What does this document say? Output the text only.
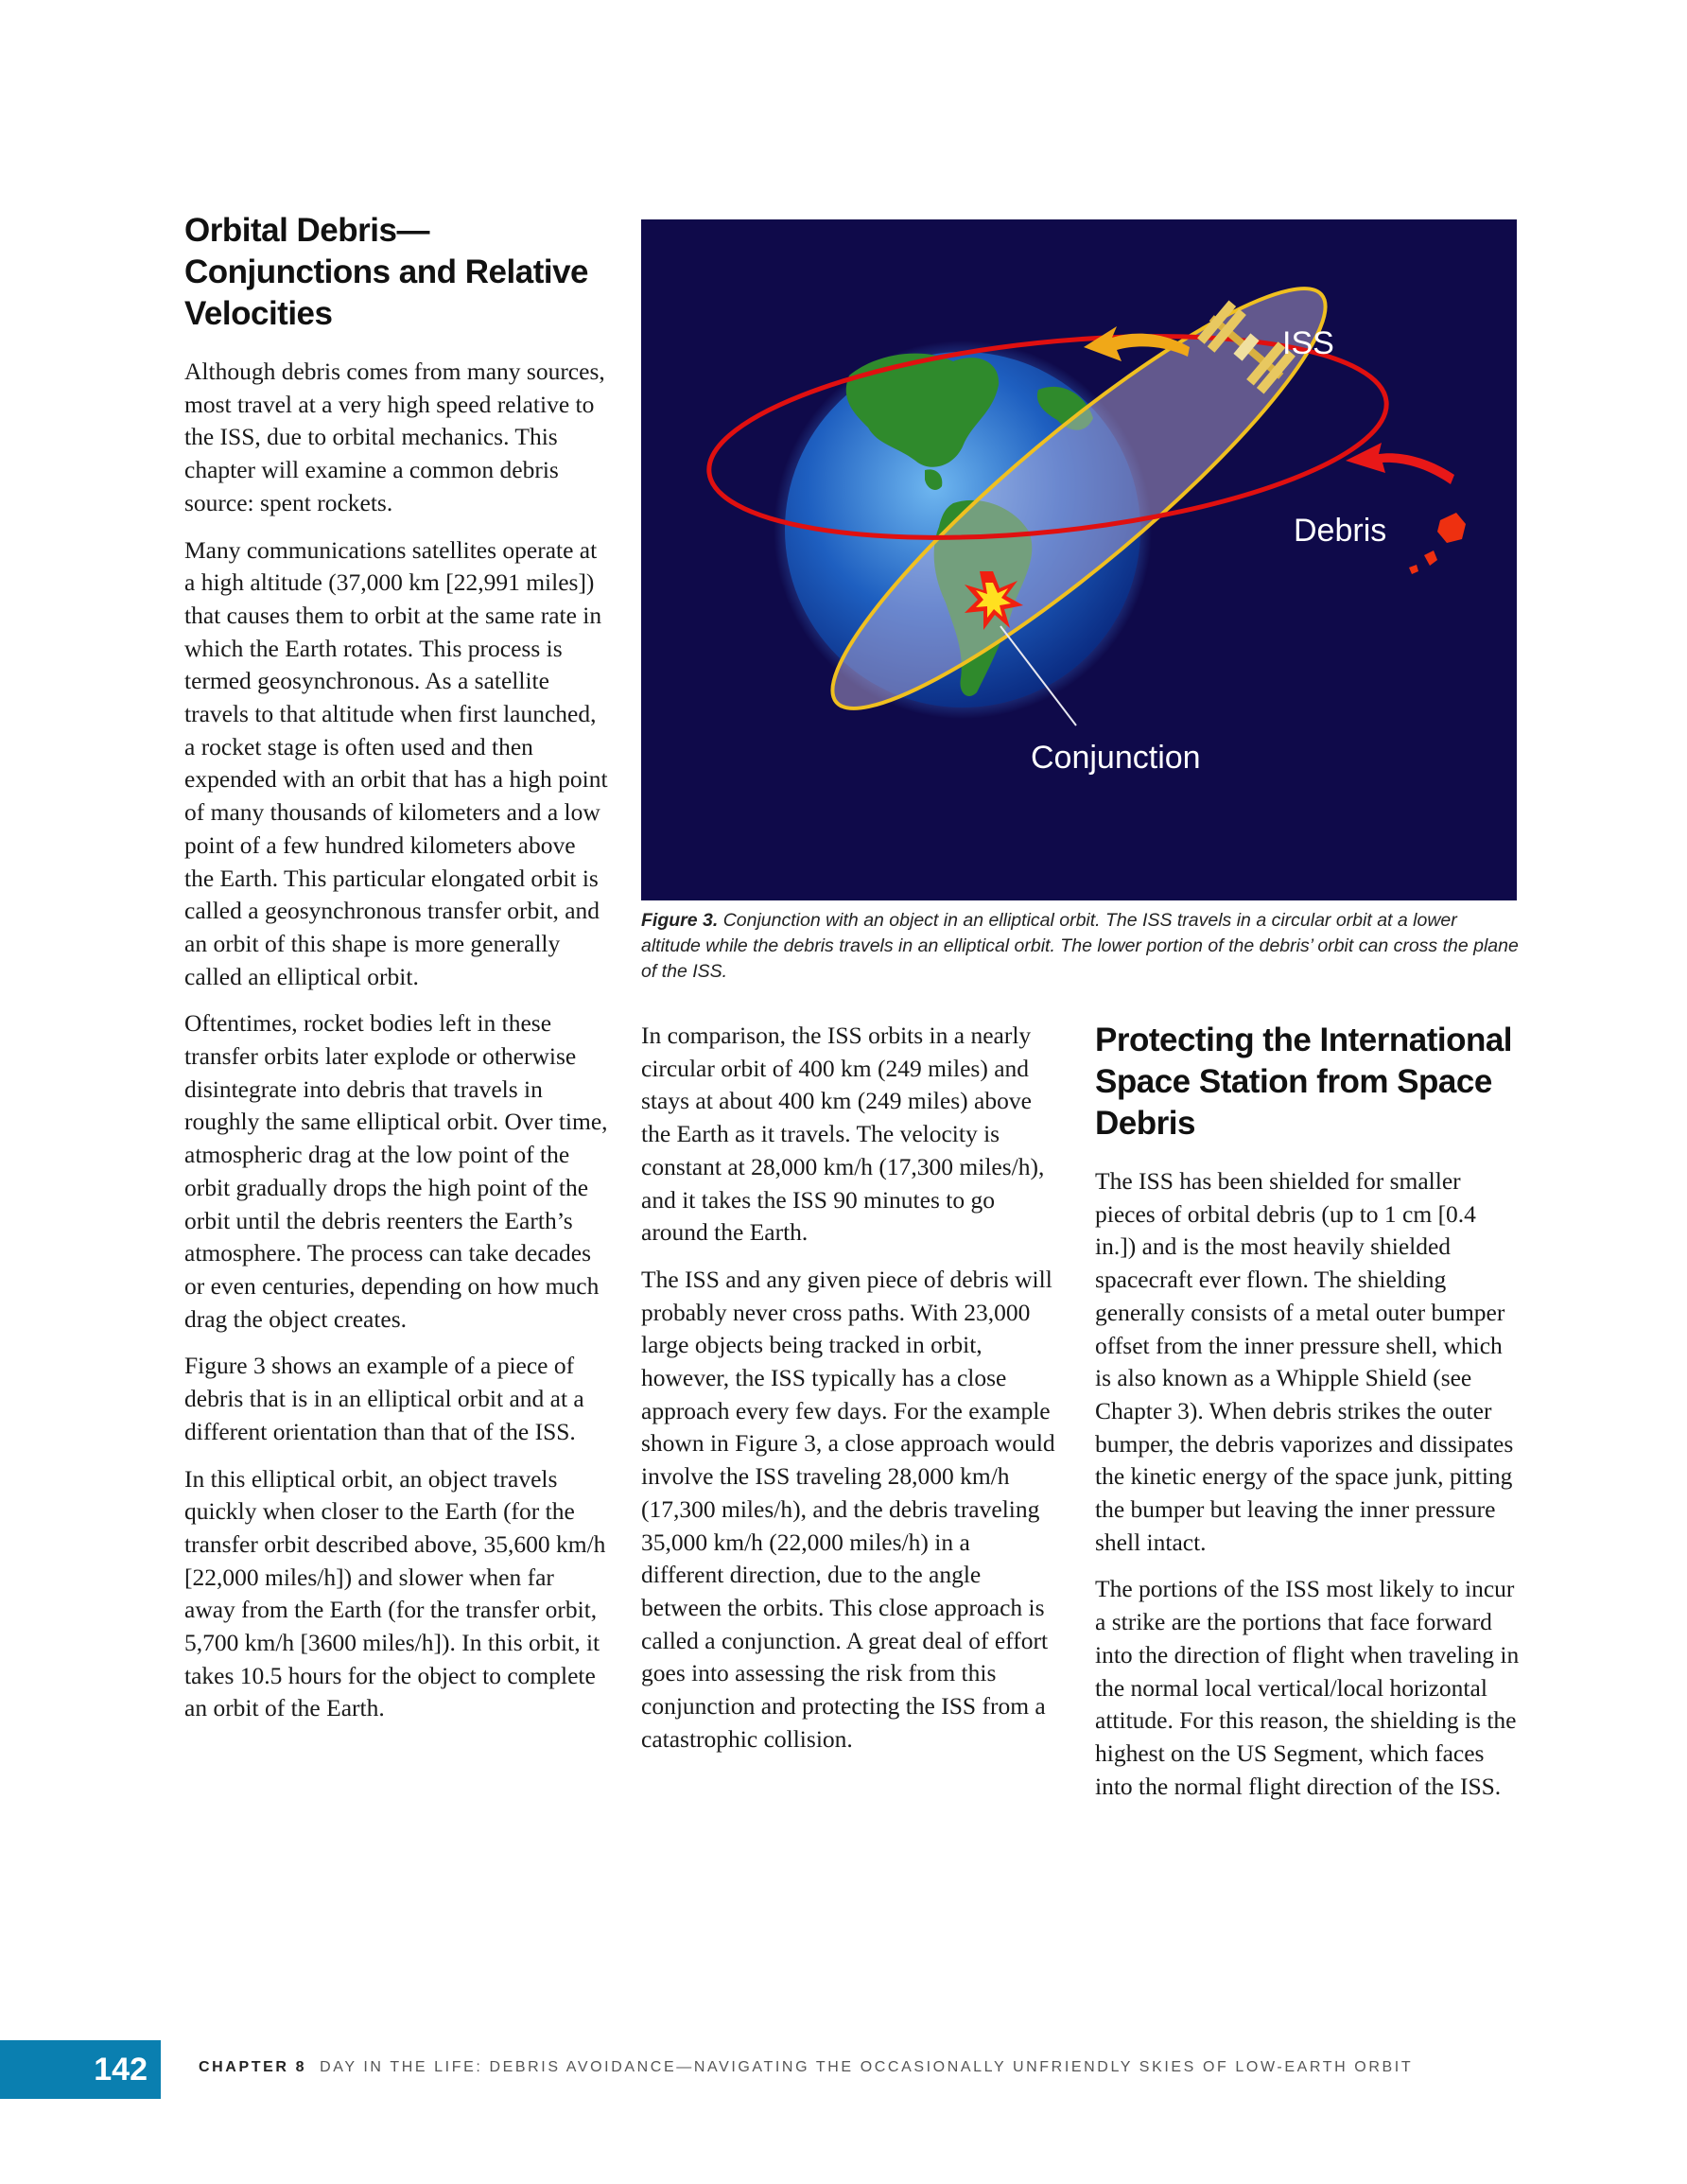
Orbital Debris—Conjunctions and Relative Velocities

Although debris comes from many sources, most travel at a very high speed relative to the ISS, due to orbital mechanics. This chapter will examine a common debris source: spent rockets.

Many communications satellites operate at a high altitude (37,000 km [22,991 miles]) that causes them to orbit at the same rate in which the Earth rotates. This process is termed geosynchronous. As a satellite travels to that altitude when first launched, a rocket stage is often used and then expended with an orbit that has a high point of many thousands of kilometers and a low point of a few hundred kilometers above the Earth. This particular elongated orbit is called a geosynchronous transfer orbit, and an orbit of this shape is more generally called an elliptical orbit.

Oftentimes, rocket bodies left in these transfer orbits later explode or otherwise disintegrate into debris that travels in roughly the same elliptical orbit. Over time, atmospheric drag at the low point of the orbit gradually drops the high point of the orbit until the debris reenters the Earth’s atmosphere. The process can take decades or even centuries, depending on how much drag the object creates.

Figure 3 shows an example of a piece of debris that is in an elliptical orbit and at a different orientation than that of the ISS.

In this elliptical orbit, an object travels quickly when closer to the Earth (for the transfer orbit described above, 35,600 km/h [22,000 miles/h]) and slower when far away from the Earth (for the transfer orbit, 5,700 km/h [3600 miles/h]). In this orbit, it takes 10.5 hours for the object to complete an orbit of the Earth.

ISS
Debris
Conjunction
Figure 3. Conjunction with an object in an elliptical orbit. The ISS travels in a circular orbit at a lower altitude while the debris travels in an elliptical orbit. The lower portion of the debris’ orbit can cross the plane of the ISS.

In comparison, the ISS orbits in a nearly circular orbit of 400 km (249 miles) and stays at about 400 km (249 miles) above the Earth as it travels. The velocity is constant at 28,000 km/h (17,300 miles/h), and it takes the ISS 90 minutes to go around the Earth.

The ISS and any given piece of debris will probably never cross paths. With 23,000 large objects being tracked in orbit, however, the ISS typically has a close approach every few days. For the example shown in Figure 3, a close approach would involve the ISS traveling 28,000 km/h (17,300 miles/h), and the debris traveling 35,000 km/h (22,000 miles/h) in a different direction, due to the angle between the orbits. This close approach is called a conjunction. A great deal of effort goes into assessing the risk from this conjunction and protecting the ISS from a catastrophic collision.

Protecting the International Space Station from Space Debris

The ISS has been shielded for smaller pieces of orbital debris (up to 1 cm [0.4 in.]) and is the most heavily shielded spacecraft ever flown. The shielding generally consists of a metal outer bumper offset from the inner pressure shell, which is also known as a Whipple Shield (see Chapter 3). When debris strikes the outer bumper, the debris vaporizes and dissipates the kinetic energy of the space junk, pitting the bumper but leaving the inner pressure shell intact.

The portions of the ISS most likely to incur a strike are the portions that face forward into the direction of flight when traveling in the normal local vertical/local horizontal attitude. For this reason, the shielding is the highest on the US Segment, which faces into the normal flight direction of the ISS.

142	CHAPTER 8 DAY IN THE LIFE: DEBRIS AVOIDANCE—NAVIGATING THE OCCASIONALLY UNFRIENDLY SKIES OF LOW-EARTH ORBIT
